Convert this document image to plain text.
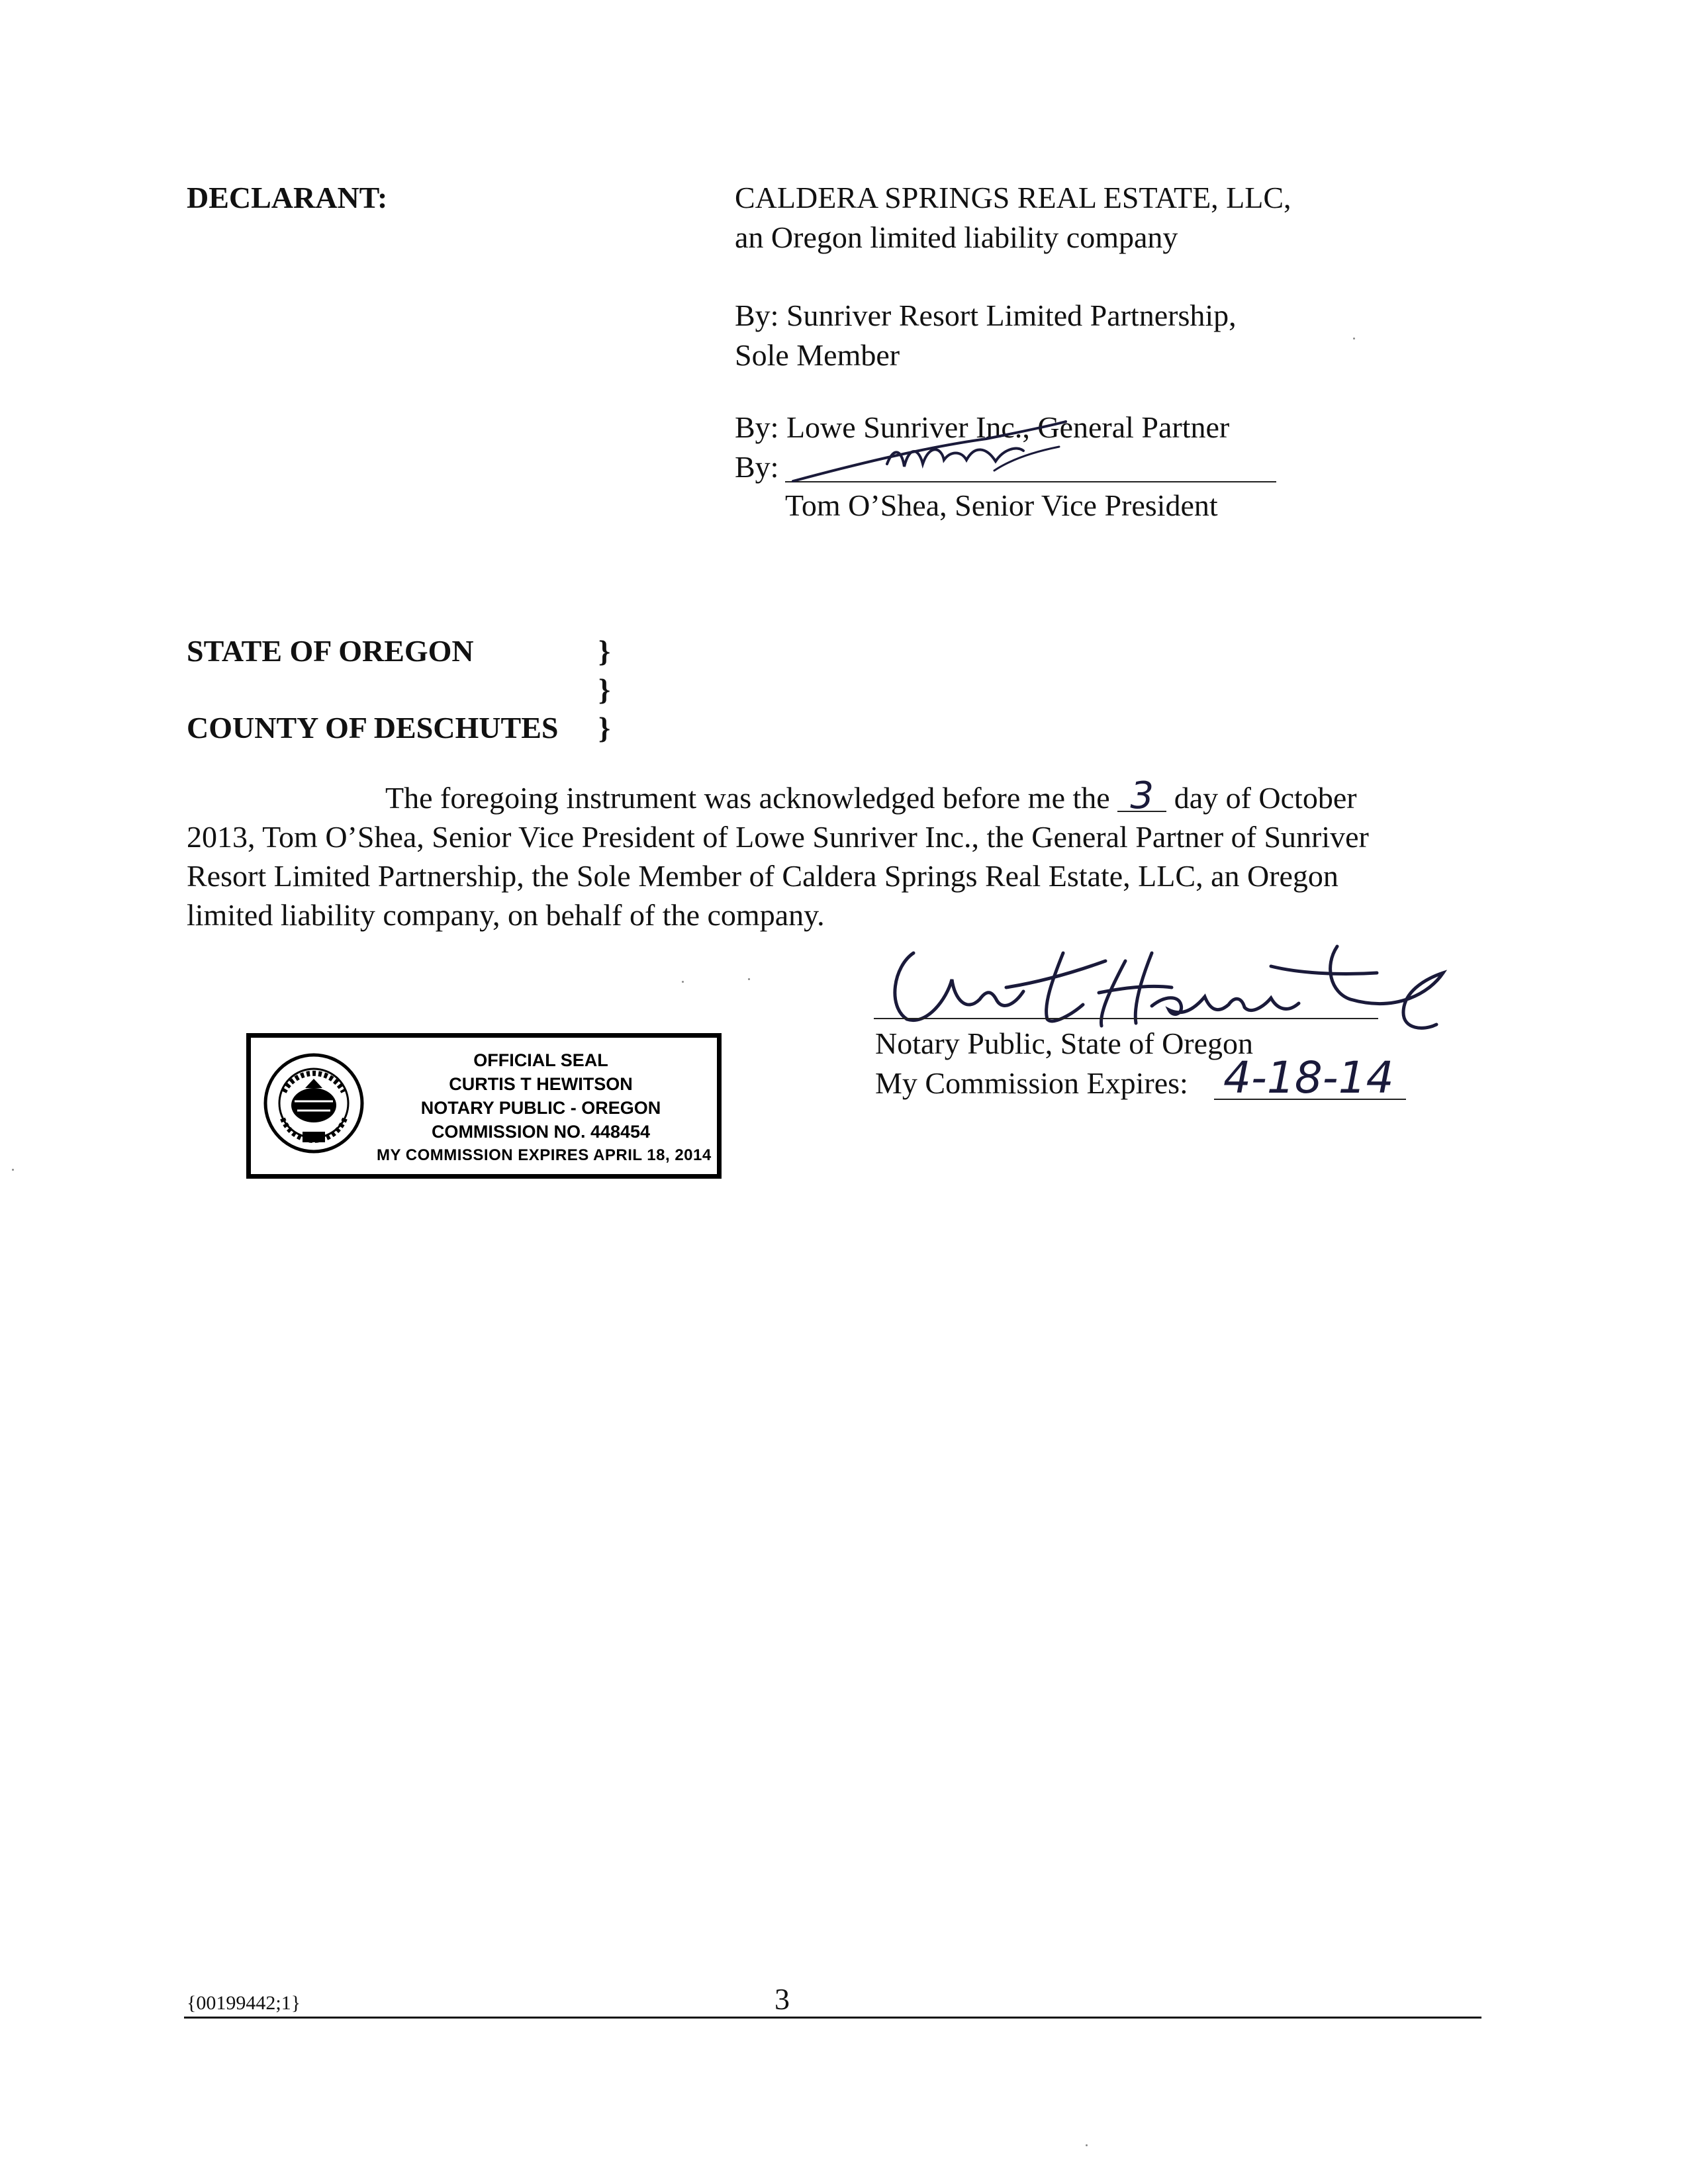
DECLARANT:	CALDERA SPRINGS REAL ESTATE, LLC,
an Oregon limited liability company
By: Sunriver Resort Limited Partnership,
Sole Member
By: Lowe Sunriver Inc., General Partner
By:
Tom O’Shea, Senior Vice President
STATE OF OREGON	}
}
COUNTY OF DESCHUTES }
The foregoing instrument was acknowledged before me the 3 day of October
2013, Tom O’Shea, Senior Vice President of Lowe Sunriver Inc., the General Partner of Sunriver
Resort Limited Partnership, the Sole Member of Caldera Springs Real Estate, LLC, an Oregon
limited liability company, on behalf of the company.
Notary Public, State of Oregon
My Commission Expires: 4-18-14
OFFICIAL SEAL
CURTIS T HEWITSON
NOTARY PUBLIC - OREGON
COMMISSION NO. 448454
MY COMMISSION EXPIRES APRIL 18, 2014
{00199442;1}	3
